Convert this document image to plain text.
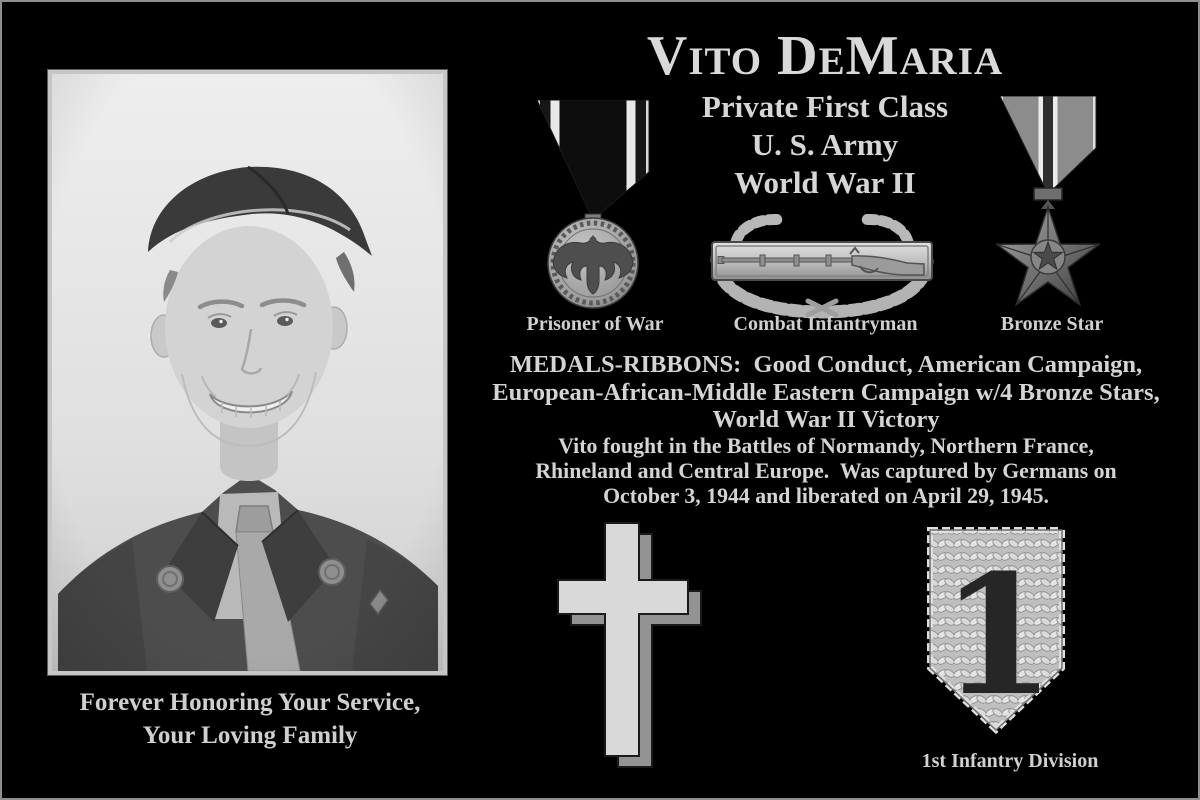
Vito DeMaria
Private First Class
U. S. Army
World War II
Prisoner of War	Combat Infantryman	Bronze Star
MEDALS-RIBBONS:  Good Conduct, American Campaign,
European-African-Middle Eastern Campaign w/4 Bronze Stars,
World War II Victory
Vito fought in the Battles of Normandy, Northern France,
Rhineland and Central Europe.  Was captured by Germans on
October 3, 1944 and liberated on April 29, 1945.
1
1st Infantry Division
Forever Honoring Your Service,
Your Loving Family
